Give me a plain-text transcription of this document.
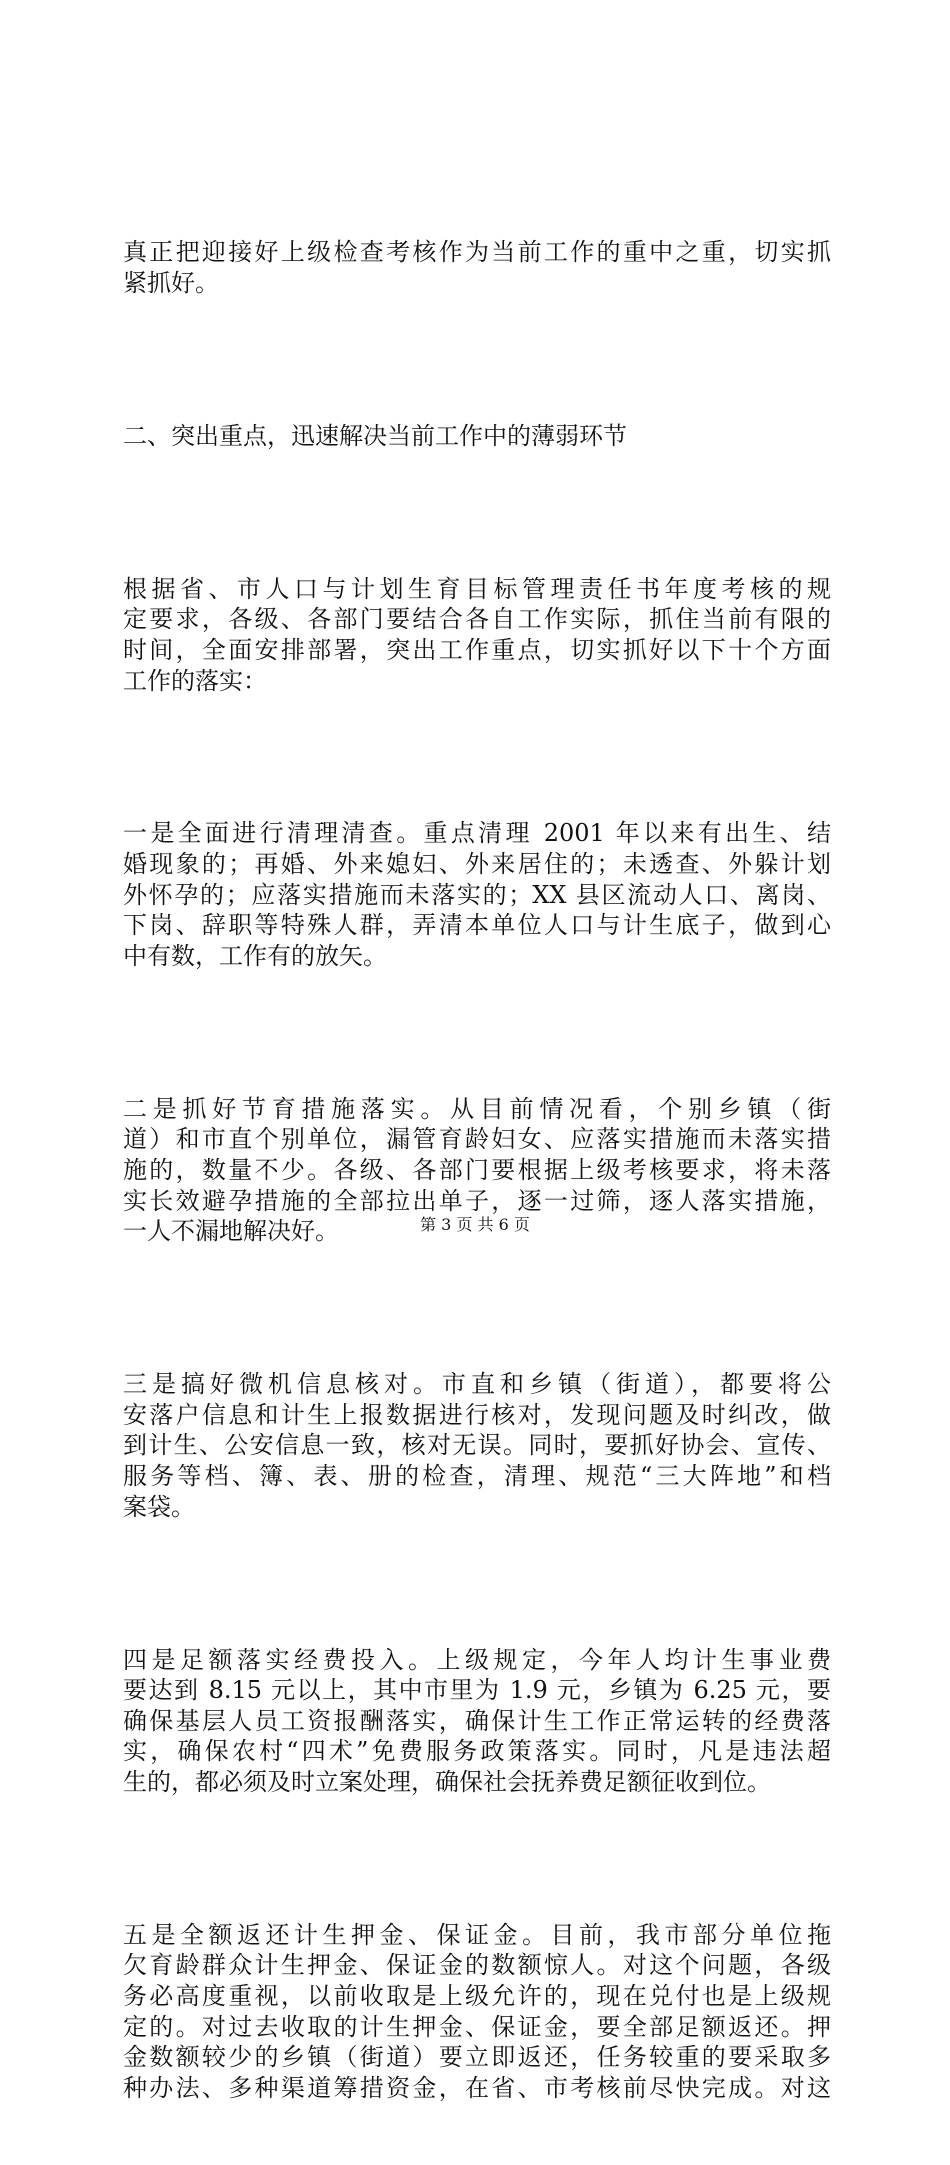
真正把迎接好上级检查考核作为当前工作的重中之重，切实抓
紧抓好。

二、突出重点，迅速解决当前工作中的薄弱环节

根据省、市人口与计划生育目标管理责任书年度考核的规
定要求，各级、各部门要结合各自工作实际，抓住当前有限的
时间，全面安排部署，突出工作重点，切实抓好以下十个方面
工作的落实：

一是全面进行清理清查。重点清理 2001 年以来有出生、结
婚现象的；再婚、外来媳妇、外来居住的；未透查、外躲计划
外怀孕的；应落实措施而未落实的；XX 县区流动人口、离岗、
下岗、辞职等特殊人群，弄清本单位人口与计生底子，做到心
中有数，工作有的放矢。

二是抓好节育措施落实。从目前情况看，个别乡镇（街
道）和市直个别单位，漏管育龄妇女、应落实措施而未落实措
施的，数量不少。各级、各部门要根据上级考核要求，将未落
实长效避孕措施的全部拉出单子，逐一过筛，逐人落实措施，
一人不漏地解决好。

三是搞好微机信息核对。市直和乡镇（街道），都要将公
安落户信息和计生上报数据进行核对，发现问题及时纠改，做
到计生、公安信息一致，核对无误。同时，要抓好协会、宣传、
服务等档、簿、表、册的检查，清理、规范“三大阵地”和档
案袋。

四是足额落实经费投入。上级规定，今年人均计生事业费
要达到 8.15 元以上，其中市里为 1.9 元，乡镇为 6.25 元，要
确保基层人员工资报酬落实，确保计生工作正常运转的经费落
实，确保农村“四术”免费服务政策落实。同时，凡是违法超
生的，都必须及时立案处理，确保社会抚养费足额征收到位。

五是全额返还计生押金、保证金。目前，我市部分单位拖
欠育龄群众计生押金、保证金的数额惊人。对这个问题，各级
务必高度重视，以前收取是上级允许的，现在兑付也是上级规
定的。对过去收取的计生押金、保证金，要全部足额返还。押
金数额较少的乡镇（街道）要立即返还，任务较重的要采取多
种办法、多种渠道筹措资金，在省、市考核前尽快完成。对这

第 3 页 共 6 页
